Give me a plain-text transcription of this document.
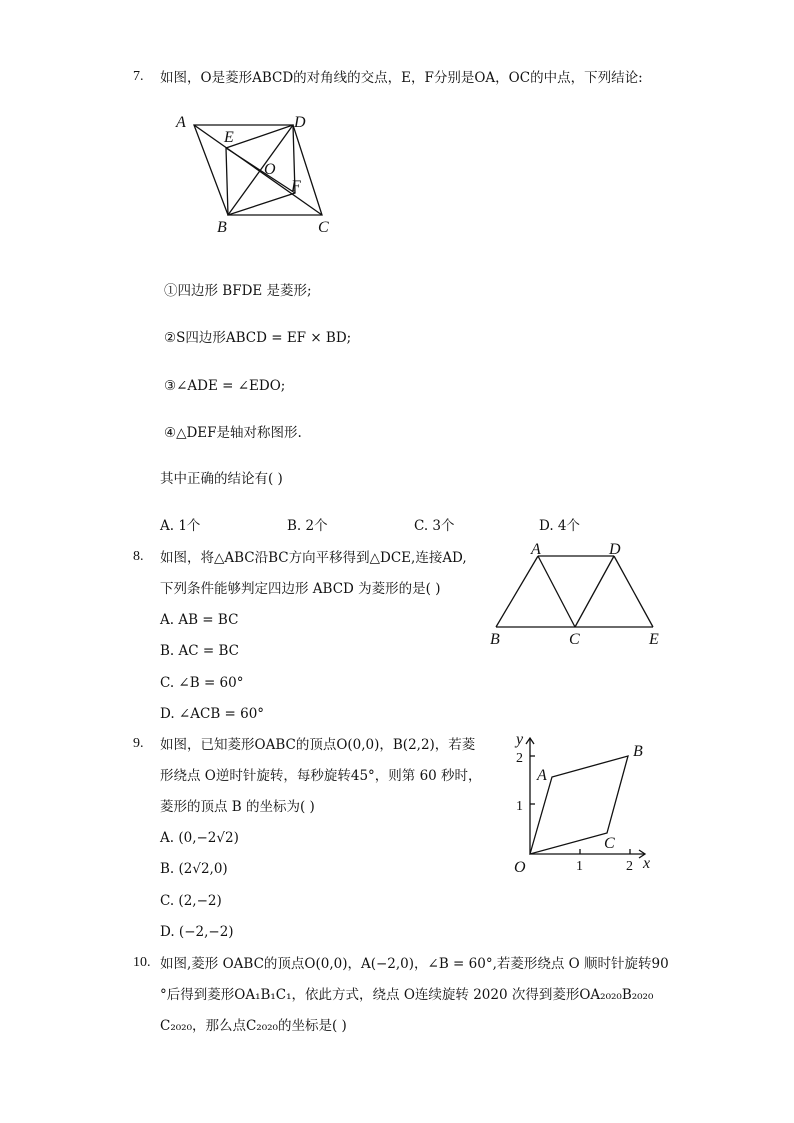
7. 如图，O是菱形ABCD的对角线的交点，E，F分别是OA，OC的中点，下列结论:
A	D
E
O
F
B	C
①四边形 BFDE 是菱形;
②S四边形ABCD = EF × BD;
③∠ADE = ∠EDO;
④△DEF是轴对称图形.
其中正确的结论有( )
A. 1个	B. 2个	C. 3个	D. 4个
8. 如图，将△ABC沿BC方向平移得到△DCE,连接AD,
下列条件能够判定四边形 ABCD 为菱形的是( )
A	D
B	C	E
A. AB = BC
B. AC = BC
C. ∠B = 60°
D. ∠ACB = 60°
9. 如图，已知菱形OABC的顶点O(0,0)，B(2,2)，若菱
形绕点 O逆时针旋转，每秒旋转45°，则第 60 秒时，
菱形的顶点 B 的坐标为( )
y
2
1
A
B
C
O	1	2 x
A. (0,−2√2)
B. (2√2,0)
C. (2,−2)
D. (−2,−2)
10. 如图,菱形 OABC的顶点O(0,0)，A(−2,0)，∠B = 60°,若菱形绕点 O 顺时针旋转90
°后得到菱形OA₁B₁C₁，依此方式，绕点 O连续旋转 2020 次得到菱形OA₂₀₂₀B₂₀₂₀
C₂₀₂₀，那么点C₂₀₂₀的坐标是( )
